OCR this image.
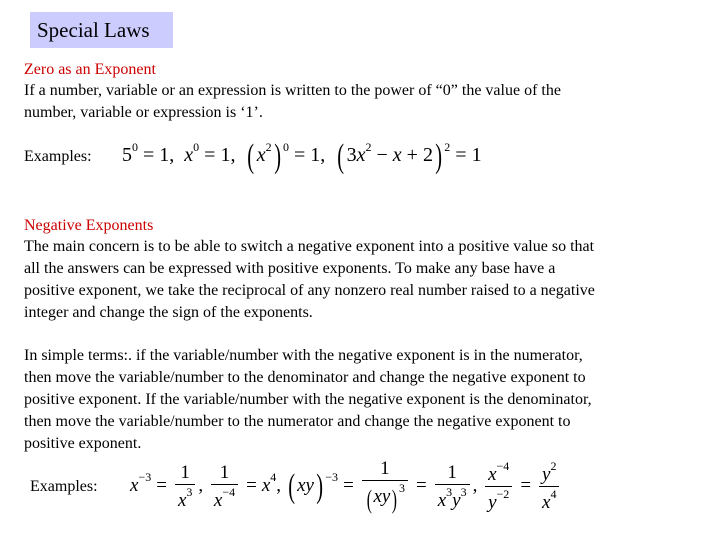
Special Laws
Zero as an Exponent
If a number, variable or an expression is written to the power of “0” the value of the
number, variable or expression is ‘1’.
Examples: $5^0 = 1$,  $x^0 = 1$,  ( $x^2$) $^0$ = 1,  ( $3x^2 - x + 2$) $^2$ = 1
Negative Exponents
The main concern is to be able to switch a negative exponent into a positive value so that
all the answers can be expressed with positive exponents. To make any base have a
positive exponent, we take the reciprocal of any nonzero real number raised to a negative
integer and change the sign of the exponents.
In simple terms:. if the variable/number with the negative exponent is in the numerator,
then move the variable/number to the denominator and change the negative exponent to
positive exponent. If the variable/number with the negative exponent is the denominator,
then move the variable/number to the numerator and change the negative exponent to
positive exponent.
Examples: $x^{-3} = \frac{1}{x^3}$ , $\frac{1}{x^{-4}} = x^4$, ( xy) $^{-3} = \frac{1}{(xy) ^3} = \frac{1}{x^3y^3}$ , $\frac{x^{-4}}{y^{-2}} = \frac{y^2}{x^4}$
